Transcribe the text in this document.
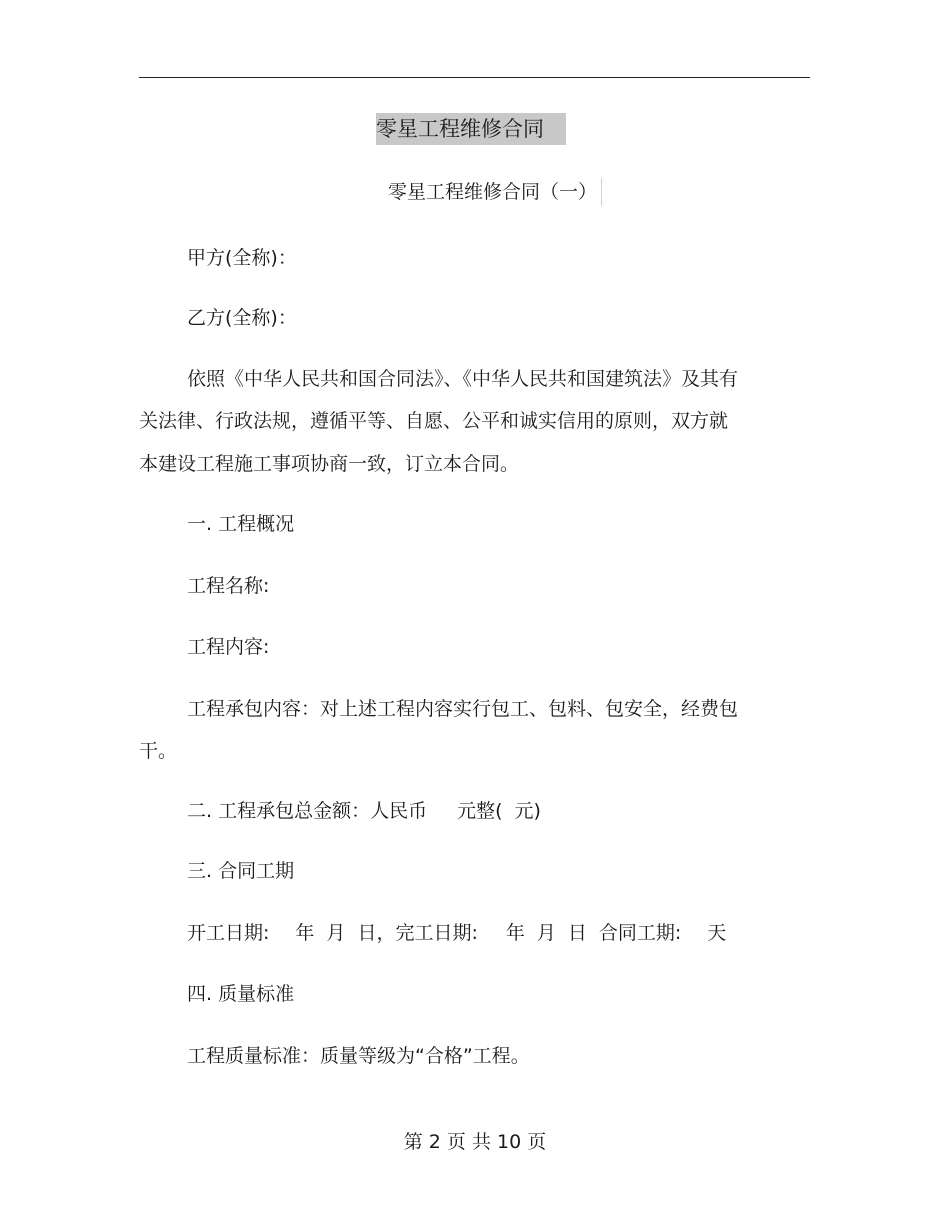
零星工程维修合同
零星工程维修合同（一）
甲方(全称)：
乙方(全称)：
依照《中华人民共和国合同法》、《中华人民共和国建筑法》及其有
关法律、行政法规，遵循平等、自愿、公平和诚实信用的原则，双方就
本建设工程施工事项协商一致，订立本合同。
一. 工程概况
工程名称:
工程内容:
工程承包内容：对上述工程内容实行包工、包料、包安全，经费包
干。
二. 工程承包总金额：人民币 元整( 元)
三. 合同工期
开工日期: 年 月 日，完工日期: 年 月 日 合同工期: 天
四. 质量标准
工程质量标准：质量等级为“合格”工程。
第 2 页 共 10 页
